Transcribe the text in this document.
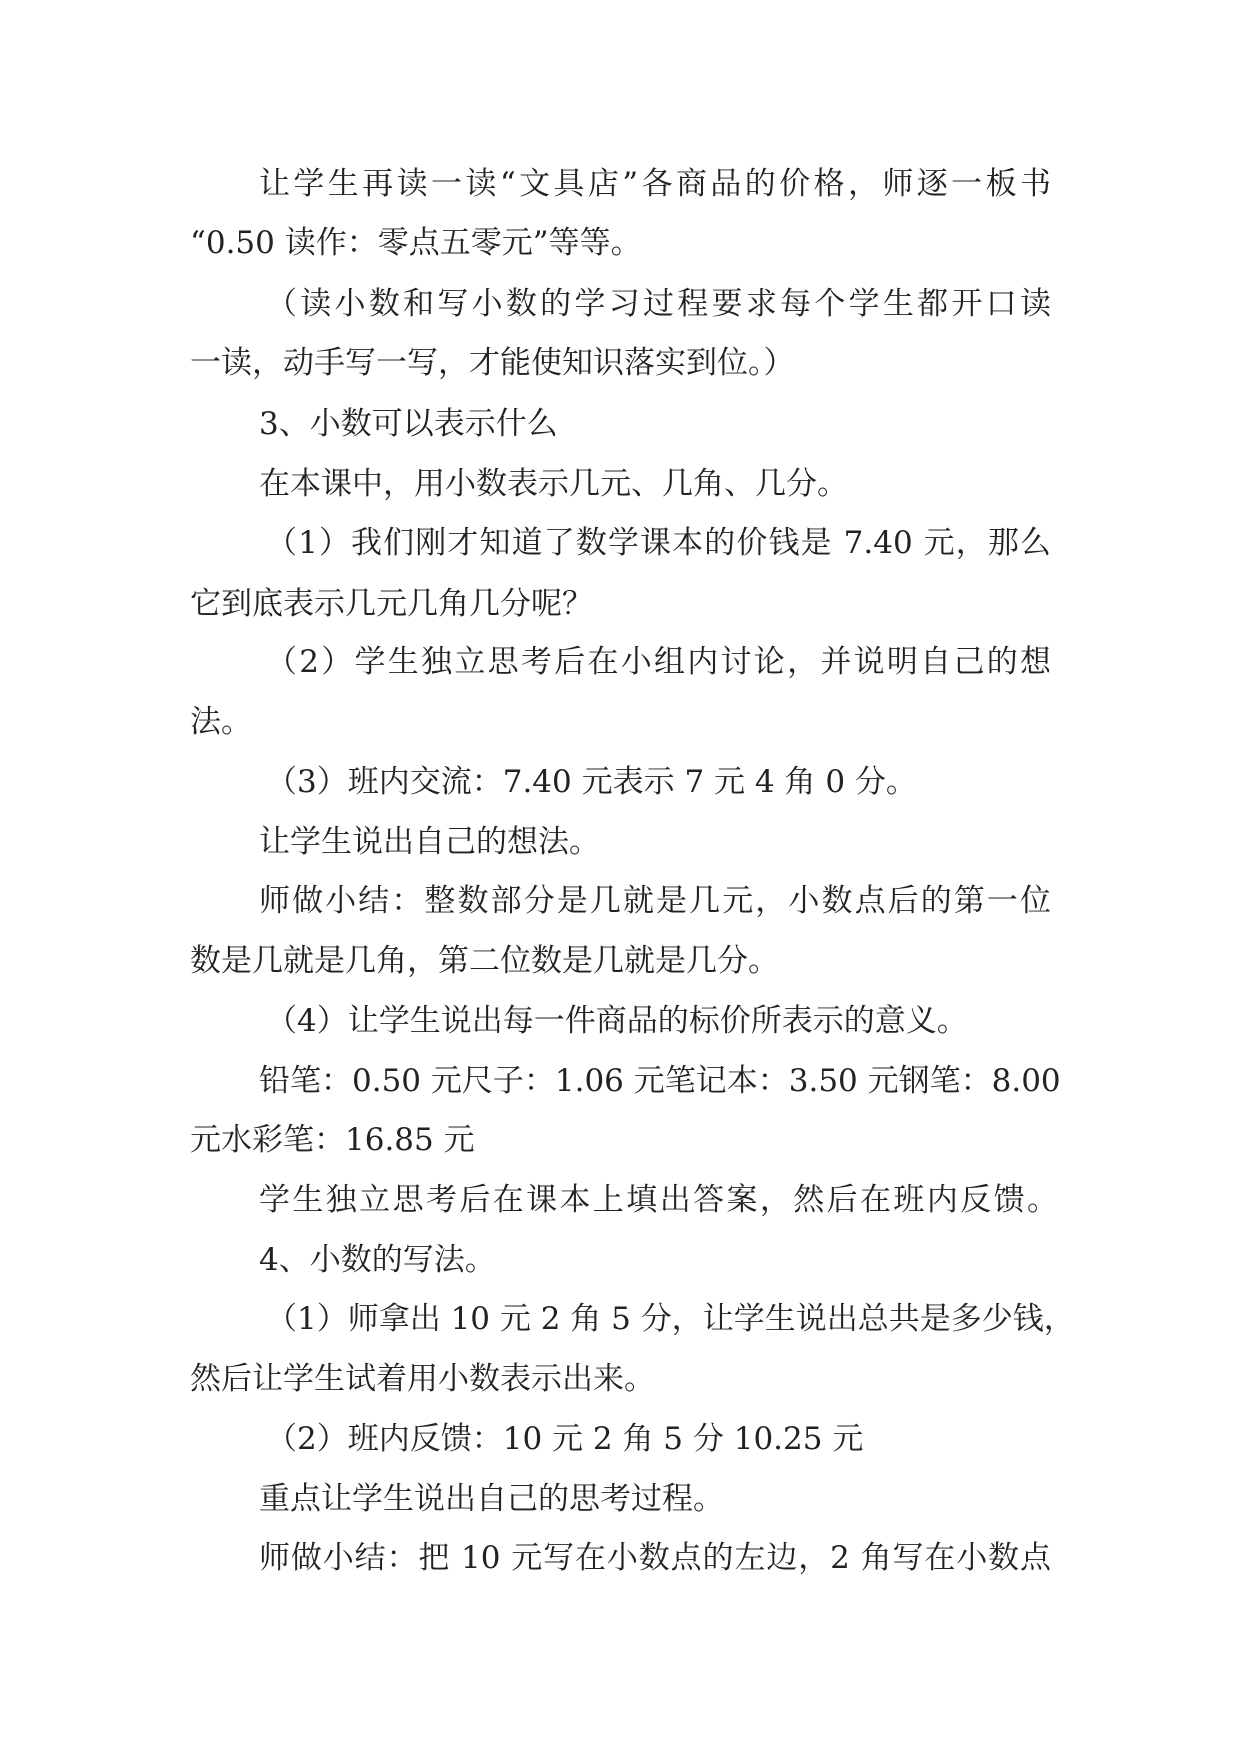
让学生再读一读“文具店”各商品的价格，师逐一板书
“0.50 读作：零点五零元”等等。
（读小数和写小数的学习过程要求每个学生都开口读
一读，动手写一写，才能使知识落实到位。）
3、小数可以表示什么
在本课中，用小数表示几元、几角、几分。
（1）我们刚才知道了数学课本的价钱是 7.40 元，那么
它到底表示几元几角几分呢？
（2）学生独立思考后在小组内讨论，并说明自己的想
法。
（3）班内交流：7.40 元表示 7 元 4 角 0 分。
让学生说出自己的想法。
师做小结：整数部分是几就是几元，小数点后的第一位
数是几就是几角，第二位数是几就是几分。
（4）让学生说出每一件商品的标价所表示的意义。
铅笔：0.50 元尺子：1.06 元笔记本：3.50 元钢笔：8.00
元水彩笔：16.85 元
学生独立思考后在课本上填出答案，然后在班内反馈。
4、小数的写法。
（1）师拿出 10 元 2 角 5 分，让学生说出总共是多少钱，
然后让学生试着用小数表示出来。
（2）班内反馈：10 元 2 角 5 分 10.25 元
重点让学生说出自己的思考过程。
师做小结：把 10 元写在小数点的左边，2 角写在小数点
